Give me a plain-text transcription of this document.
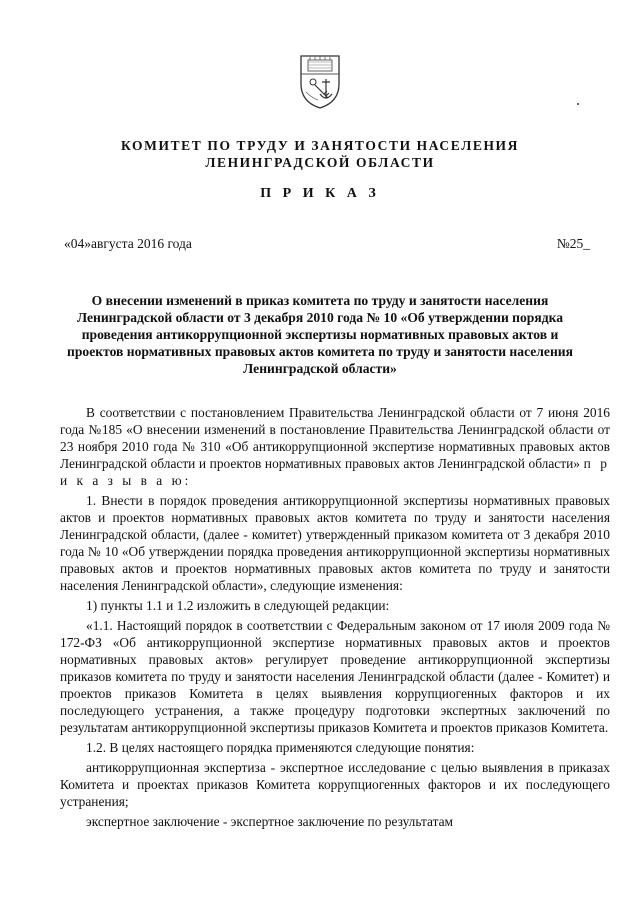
КОМИТЕТ ПО ТРУДУ И ЗАНЯТОСТИ НАСЕЛЕНИЯ
ЛЕНИНГРАДСКОЙ ОБЛАСТИ
П Р И К А З
«04»августа 2016 года	№25_
О внесении изменений в приказ комитета по труду и занятости населения Ленинградской области от 3 декабря 2010 года № 10 «Об утверждении порядка проведения антикоррупционной экспертизы нормативных правовых актов и проектов нормативных правовых актов комитета по труду и занятости населения Ленинградской области»

В соответствии с постановлением Правительства Ленинградской области от 7 июня 2016 года №185 «О внесении изменений в постановление Правительства Ленинградской области от 23 ноября 2010 года № 310 «Об антикоррупционной экспертизе нормативных правовых актов Ленинградской области и проектов нормативных правовых актов Ленинградской области» п р и к а з ы в а ю:

1. Внести в порядок проведения антикоррупционной экспертизы нормативных правовых актов и проектов нормативных правовых актов комитета по труду и занятости населения Ленинградской области, (далее - комитет) утвержденный приказом комитета от 3 декабря 2010 года № 10 «Об утверждении порядка проведения антикоррупционной экспертизы нормативных правовых актов и проектов нормативных правовых актов комитета по труду и занятости населения Ленинградской области», следующие изменения:

1) пункты 1.1 и 1.2 изложить в следующей редакции:

«1.1. Настоящий порядок в соответствии с Федеральным законом от 17 июля 2009 года № 172-ФЗ «Об антикоррупционной экспертизе нормативных правовых актов и проектов нормативных правовых актов» регулирует проведение антикоррупционной экспертизы приказов комитета по труду и занятости населения Ленинградской области (далее - Комитет) и проектов приказов Комитета в целях выявления коррупциогенных факторов и их последующего устранения, а также процедуру подготовки экспертных заключений по результатам антикоррупционной экспертизы приказов Комитета и проектов приказов Комитета.

1.2. В целях настоящего порядка применяются следующие понятия:

антикоррупционная экспертиза - экспертное исследование с целью выявления в приказах Комитета и проектах приказов Комитета коррупциогенных факторов и их последующего устранения;

экспертное заключение - экспертное заключение по результатам
